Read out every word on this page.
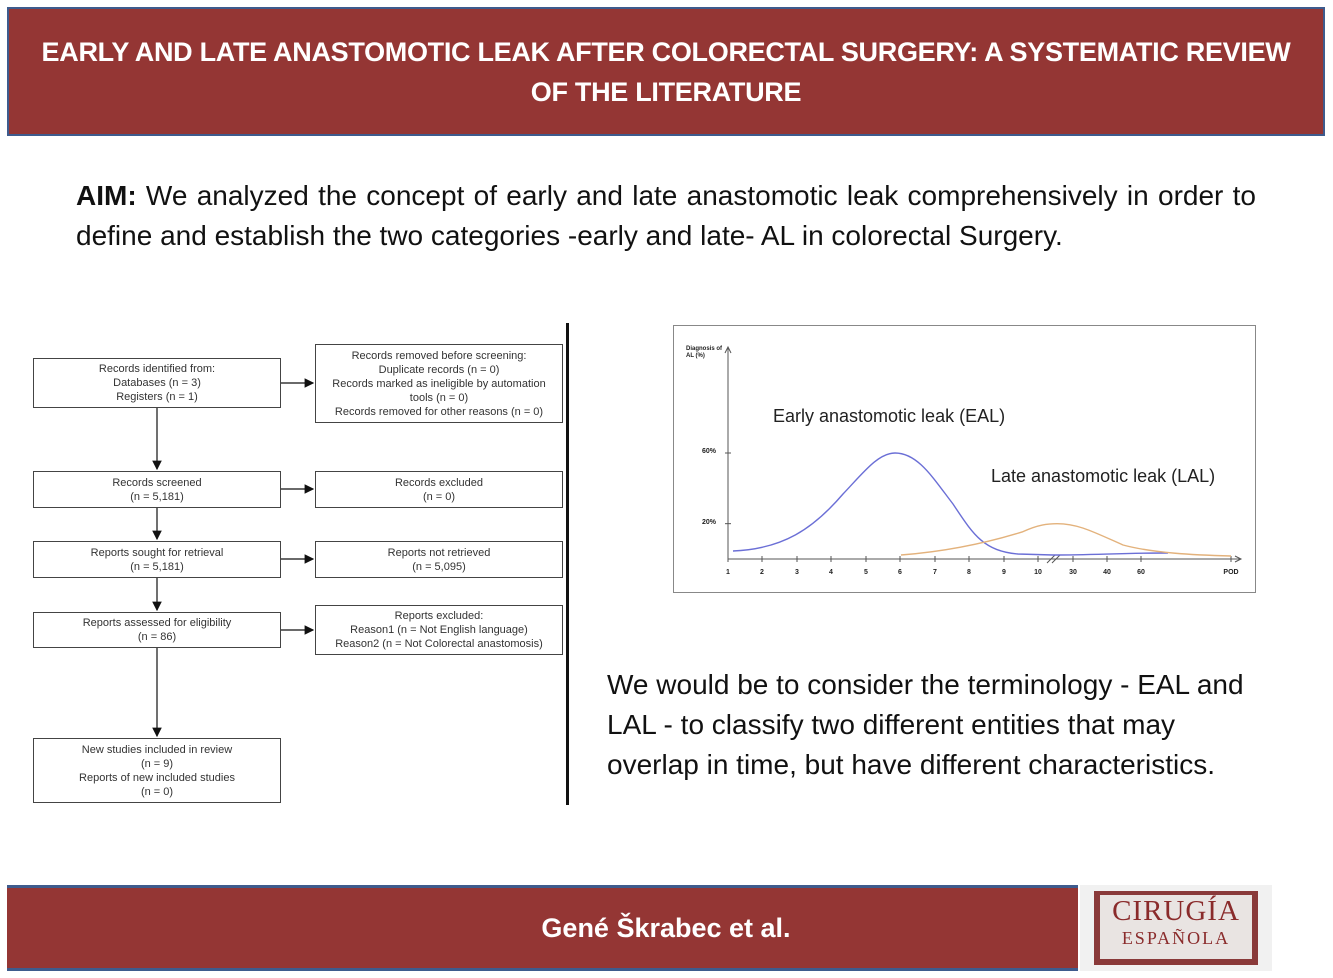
EARLY AND LATE ANASTOMOTIC LEAK AFTER COLORECTAL SURGERY: A SYSTEMATIC REVIEW OF THE LITERATURE
AIM: We analyzed the concept of early and late anastomotic leak comprehensively in order to define and establish the two categories -early and late- AL in colorectal Surgery.
Records identified from:
Databases (n = 3)
Registers (n = 1)
Records removed before screening:
Duplicate records (n = 0)
Records marked as ineligible by automation
tools (n = 0)
Records removed for other reasons (n = 0)
Records screened
(n = 5,181)
Records excluded
(n = 0)
Reports sought for retrieval
(n = 5,181)
Reports not retrieved
(n = 5,095)
Reports assessed for eligibility
(n = 86)
Reports excluded:
Reason1 (n = Not English language)
Reason2 (n = Not Colorectal anastomosis)
New studies included in review
(n = 9)
Reports of new included studies
(n = 0)
1	2	3	4	5	6	7	8	9	10	30	40	60	POD
Diagnosis of AL (%)
Early anastomotic leak (EAL)
Late anastomotic leak (LAL)
60%
20%
We would be to consider the terminology - EAL and LAL - to classify two different entities that may overlap in time, but have different characteristics.
Gené Škrabec et al.
CIRUGÍA
ESPAÑOLA
